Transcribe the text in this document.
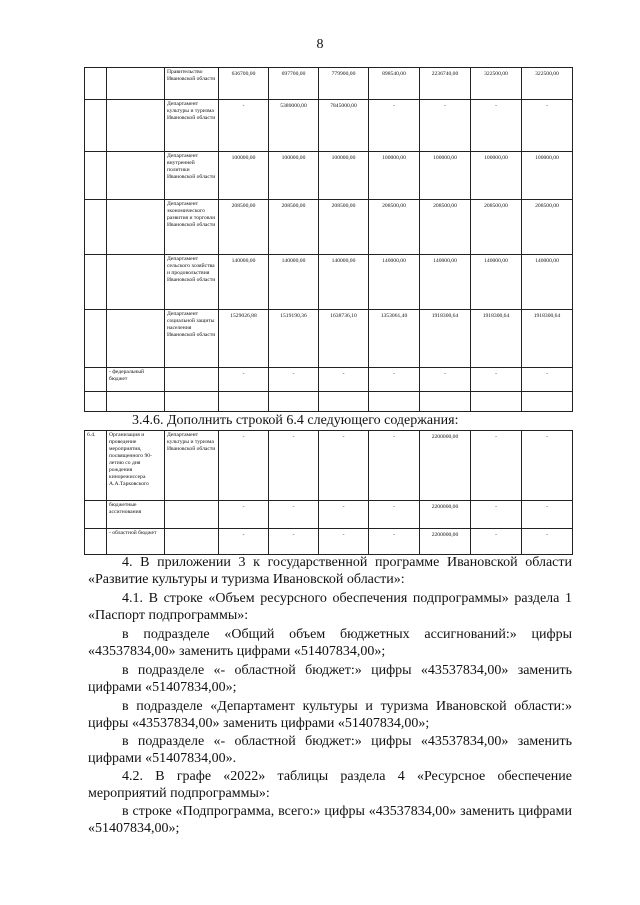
8
		Правительство Ивановской области	636700,00	697700,00	779900,00	898540,00	2236740,00	322500,00	322500,00
		Департамент культуры и туризма Ивановской области	-	5380000,00	7845000,00	-	-	-	-
		Департамент внутренней политики Ивановской области	100000,00	100000,00	100000,00	100000,00	100000,00	100000,00	100000,00
		Департамент экономического развития и торговли Ивановской области	208500,00	208500,00	208500,00	208500,00	208500,00	208500,00	208500,00
		Департамент сельского хозяйства и продовольствия Ивановской области	140000,00	140000,00	140000,00	140000,00	140000,00	140000,00	140000,00
		Департамент социальной защиты населения Ивановской области	1529026,88	1519190,36	1638736,10	1353061,40	1918300,64	1918300,64	1918300,64
	- федеральный бюджет		-	-	-	-	-	-	-

3.4.6. Дополнить строкой 6.4 следующего содержания:
6.4.	Организация и проведение мероприятия, посвященного 90-летию со дня рождения кинорежиссера А.А.Тарковского	Департамент культуры и туризма Ивановской области	-	-	-	-	2200000,00	-	-
	бюджетные ассигнования		-	-	-	-	2200000,00	-	-
	- областной бюджет		-	-	-	-	2200000,00	-	-
4. В приложении 3 к государственной программе Ивановской области «Развитие культуры и туризма Ивановской области»:
4.1. В строке «Объем ресурсного обеспечения подпрограммы» раздела 1 «Паспорт подпрограммы»:
в подразделе «Общий объем бюджетных ассигнований:» цифры «43537834,00» заменить цифрами «51407834,00»;
в подразделе «- областной бюджет:» цифры «43537834,00» заменить цифрами «51407834,00»;
в подразделе «Департамент культуры и туризма Ивановской области:» цифры «43537834,00» заменить цифрами «51407834,00»;
в подразделе «- областной бюджет:» цифры «43537834,00» заменить цифрами «51407834,00».
4.2. В графе «2022» таблицы раздела 4 «Ресурсное обеспечение мероприятий подпрограммы»:
в строке «Подпрограмма, всего:» цифры «43537834,00» заменить цифрами «51407834,00»;
